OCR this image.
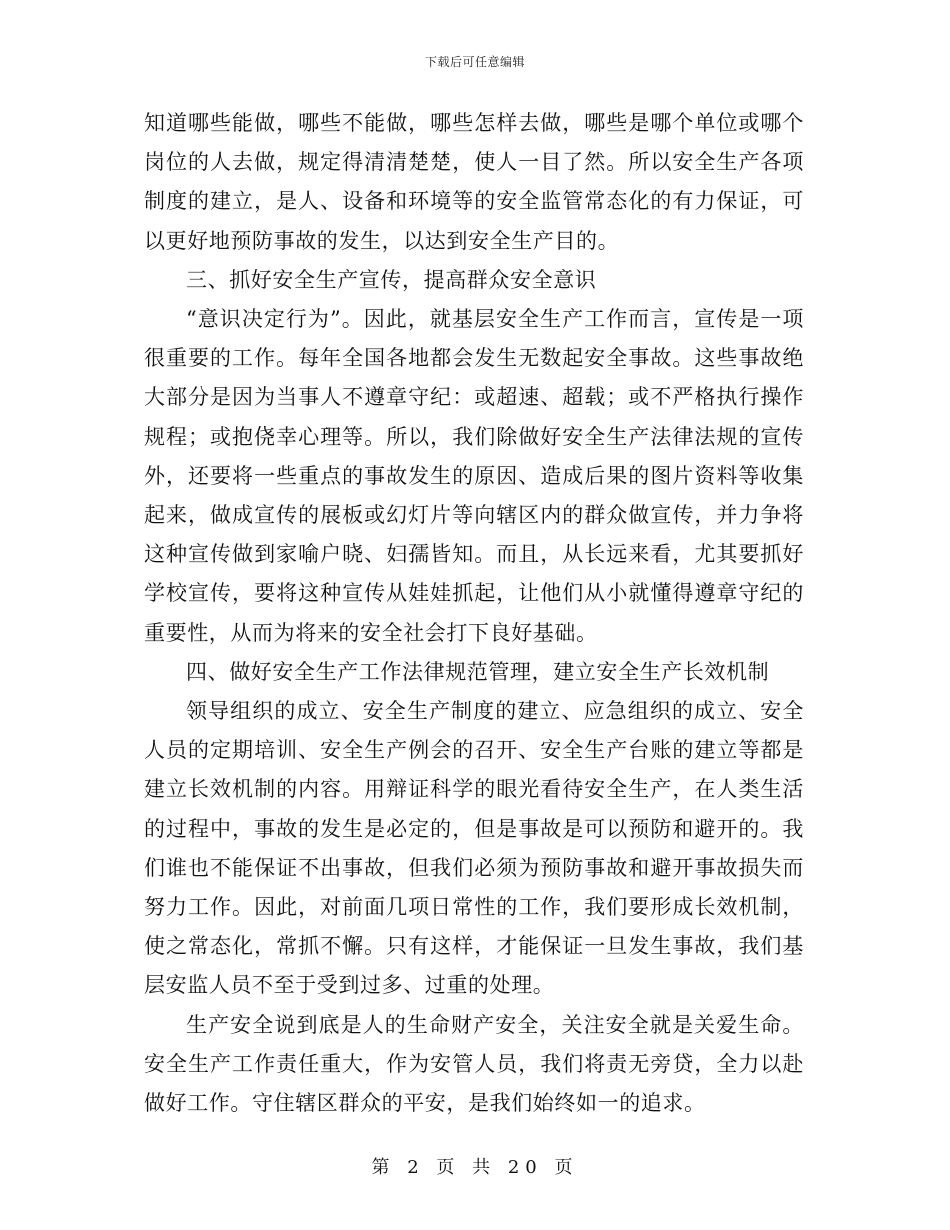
下载后可任意编辑

知道哪些能做，哪些不能做，哪些怎样去做，哪些是哪个单位或哪个岗位的人去做，规定得清清楚楚，使人一目了然。所以安全生产各项制度的建立，是人、设备和环境等的安全监管常态化的有力保证，可以更好地预防事故的发生，以达到安全生产目的。

三、抓好安全生产宣传，提高群众安全意识

“意识决定行为”。因此，就基层安全生产工作而言，宣传是一项很重要的工作。每年全国各地都会发生无数起安全事故。这些事故绝大部分是因为当事人不遵章守纪：或超速、超载；或不严格执行操作规程；或抱侥幸心理等。所以，我们除做好安全生产法律法规的宣传外，还要将一些重点的事故发生的原因、造成后果的图片资料等收集起来，做成宣传的展板或幻灯片等向辖区内的群众做宣传，并力争将这种宣传做到家喻户晓、妇孺皆知。而且，从长远来看，尤其要抓好学校宣传，要将这种宣传从娃娃抓起，让他们从小就懂得遵章守纪的重要性，从而为将来的安全社会打下良好基础。

四、做好安全生产工作法律规范管理，建立安全生产长效机制

领导组织的成立、安全生产制度的建立、应急组织的成立、安全人员的定期培训、安全生产例会的召开、安全生产台账的建立等都是建立长效机制的内容。用辩证科学的眼光看待安全生产，在人类生活的过程中，事故的发生是必定的，但是事故是可以预防和避开的。我们谁也不能保证不出事故，但我们必须为预防事故和避开事故损失而努力工作。因此，对前面几项日常性的工作，我们要形成长效机制，使之常态化，常抓不懈。只有这样，才能保证一旦发生事故，我们基层安监人员不至于受到过多、过重的处理。

生产安全说到底是人的生命财产安全，关注安全就是关爱生命。安全生产工作责任重大，作为安管人员，我们将责无旁贷，全力以赴做好工作。守住辖区群众的平安，是我们始终如一的追求。

第 2 页 共 20 页
